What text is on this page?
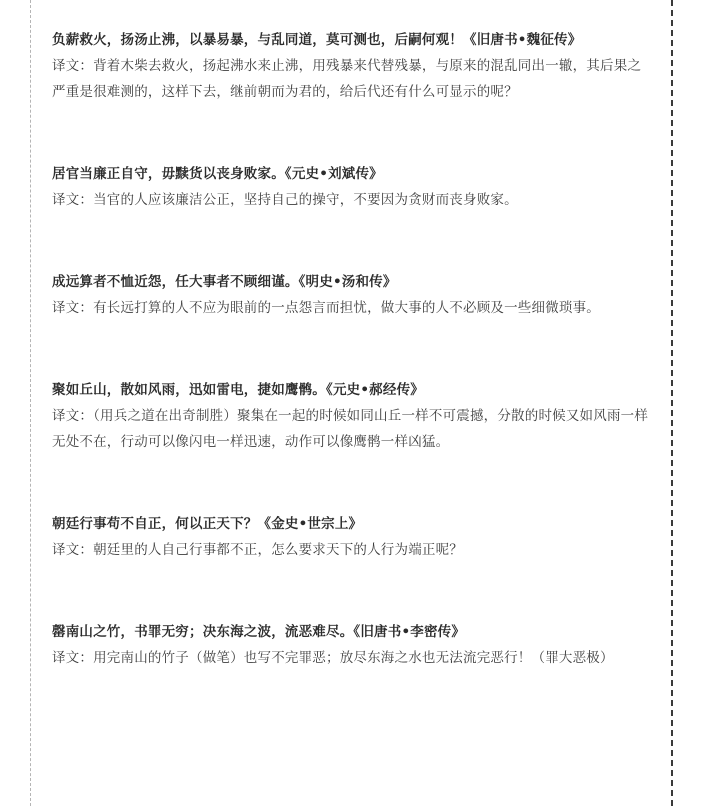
负薪救火，扬汤止沸，以暴易暴，与乱同道，莫可测也，后嗣何观！《旧唐书•魏征传》

译文：背着木柴去救火，扬起沸水来止沸，用残暴来代替残暴，与原来的混乱同出一辙，其后果之严重是很难测的，这样下去，继前朝而为君的，给后代还有什么可显示的呢？

居官当廉正自守，毋黩货以丧身败家。《元史•刘斌传》

译文：当官的人应该廉洁公正，坚持自己的操守，不要因为贪财而丧身败家。

成远算者不恤近怨，任大事者不顾细谨。《明史•汤和传》

译文：有长远打算的人不应为眼前的一点怨言而担忧，做大事的人不必顾及一些细微琐事。

聚如丘山，散如风雨，迅如雷电，捷如鹰鹘。《元史•郝经传》

译文：（用兵之道在出奇制胜）聚集在一起的时候如同山丘一样不可震撼，分散的时候又如风雨一样无处不在，行动可以像闪电一样迅速，动作可以像鹰鹘一样凶猛。

朝廷行事苟不自正，何以正天下？《金史•世宗上》

译文：朝廷里的人自己行事都不正，怎么要求天下的人行为端正呢？

罄南山之竹，书罪无穷；决东海之波，流恶难尽。《旧唐书•李密传》

译文：用完南山的竹子（做笔）也写不完罪恶；放尽东海之水也无法流完恶行！（罪大恶极）
